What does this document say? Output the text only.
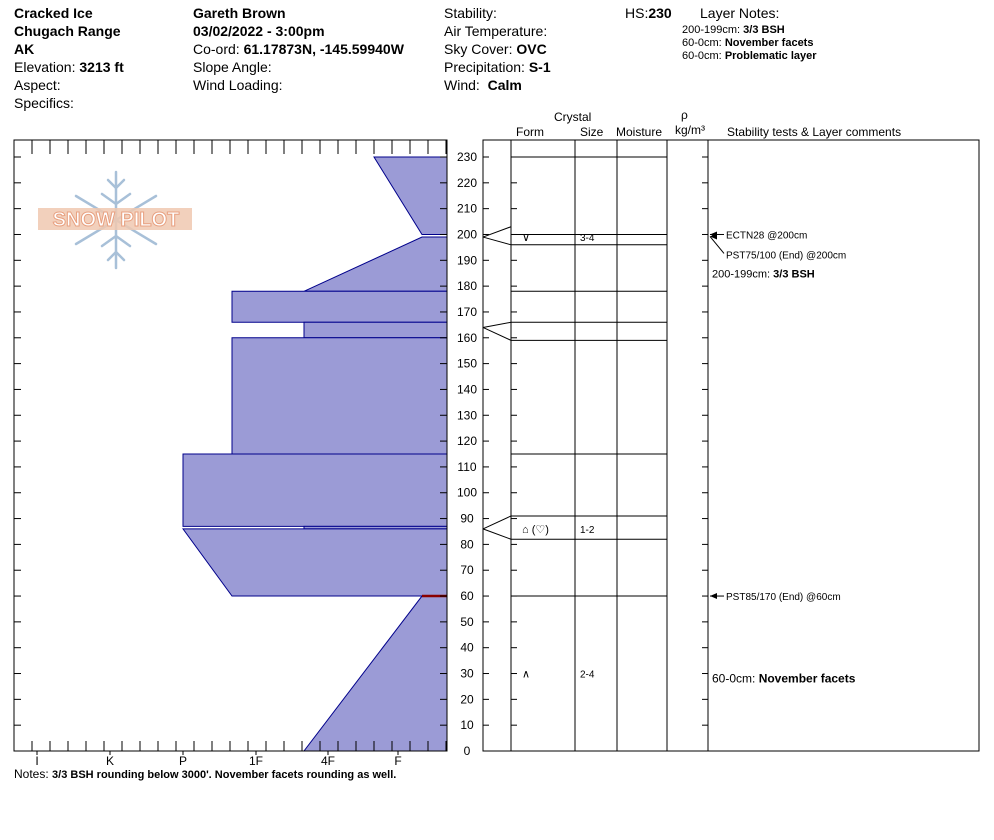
Cracked Ice
Chugach Range
AK
Elevation: 3213 ft
Aspect:
Specifics:
Gareth Brown
03/02/2022 - 3:00pm
Co-ord: 61.17873N, -145.59940W
Slope Angle:
Wind Loading:
Stability:
Air Temperature:
Sky Cover: OVC
Precipitation: S-1
Wind: Calm
HS:230 Layer Notes:
200-199cm: 3/3 BSH
60-0cm: November facets
60-0cm: Problematic layer
Crystal
Form	Size Moisture
ρ
kg/m³ Stability tests & Layer comments
0
10
20
30
40
50
60
70
80
90
100
110
120
130
140
150
160
170
180
190
200
210
220
230
I	K	P	1F	4F	F
∨	3-4
⌂ (♡)	1-2
∧	2-4
ECTN28 @200cm
PST75/100 (End) @200cm
PST85/170 (End) @60cm
200-199cm: 3/3 BSH
60-0cm: November facets
SNOW PILOT
Notes: 3/3 BSH rounding below 3000'. November facets rounding as well.
